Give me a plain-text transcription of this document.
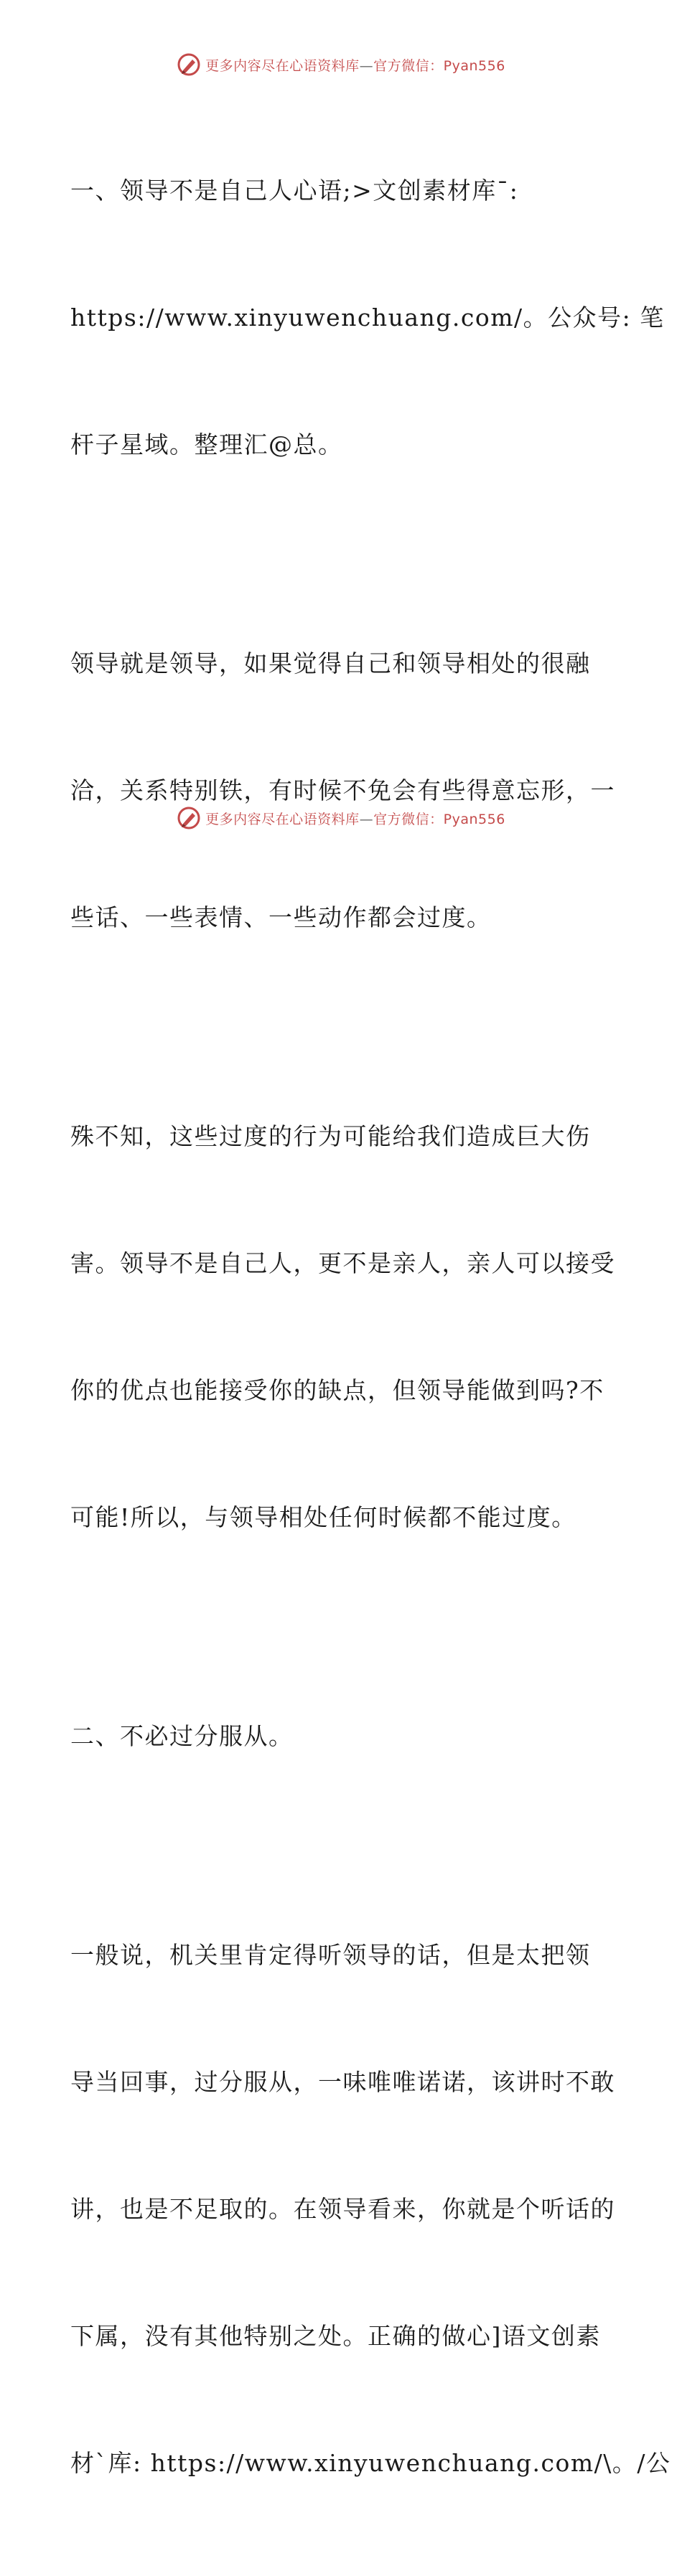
更多内容尽在心语资料库—官方微信：Pyan556

一、领导不是自己人心语;>文创素材库¯:

https://www.xinyuwenchuang.com/。公众号: 笔

杆子星域。整理汇@总。

领导就是领导，如果觉得自己和领导相处的很融

洽，关系特别铁，有时候不免会有些得意忘形，一

些话、一些表情、一些动作都会过度。

殊不知，这些过度的行为可能给我们造成巨大伤

害。领导不是自己人，更不是亲人，亲人可以接受

你的优点也能接受你的缺点，但领导能做到吗?不

可能!所以，与领导相处任何时候都不能过度。

二、不必过分服从。

一般说，机关里肯定得听领导的话，但是太把领

导当回事，过分服从，一味唯唯诺诺，该讲时不敢

讲，也是不足取的。在领导看来，你就是个听话的

下属，没有其他特别之处。正确的做心]语文创素

材`库: https://www.xinyuwenchuang.com/\。/公

更多内容尽在心语资料库—官方微信：Pyan556
